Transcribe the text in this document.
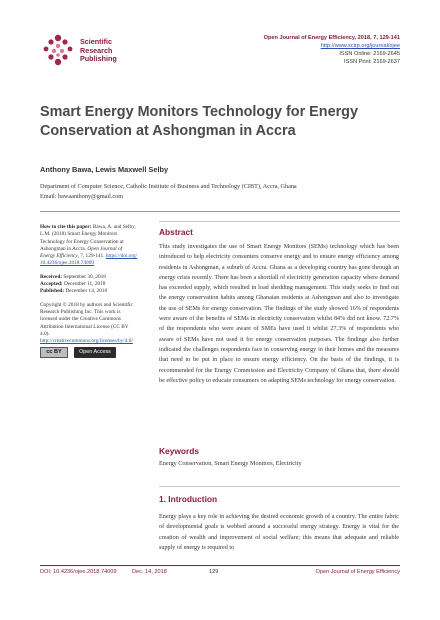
Scientific
Research
Publishing
Open Journal of Energy Efficiency, 2018, 7, 129-141
http://www.scirp.org/journal/ojee
ISSN Online: 2169-2645
ISSN Print: 2169-2637
Smart Energy Monitors Technology for Energy Conservation at Ashongman in Accra
Anthony Bawa, Lewis Maxwell Selby
Department of Computer Science, Catholic Institute of Business and Technology (CIBT), Accra, Ghana
Email: bawaanthony@gmail.com

How to cite this paper: Bawa, A. and Selby, L.M. (2018) Smart Energy Monitors Technology for Energy Conservation at Ashongman in Accra. Open Journal of Energy Efficiency, 7, 129-141. https://doi.org/10.4236/ojee.2018.74009

Received: September 30, 2018
Accepted: December 11, 2018
Published: December 14, 2018

Copyright © 2018 by authors and Scientific Research Publishing Inc. This work is licensed under the Creative Commons Attribution International License (CC BY 4.0).
http://creativecommons.org/licenses/by/4.0/

cc BY	Open Access
Abstract

This study investigates the use of Smart Energy Monitors (SEMs) technology which has been introduced to help electricity consumers conserve energy and to ensure energy efficiency among residents in Ashongman, a suburb of Accra. Ghana as a developing country has gone through an energy crisis recently. There has been a shortfall of electricity generation capacity where demand has exceeded supply, which resulted in load shedding management. This study seeks to find out the energy conservation habits among Ghanaian residents at Ashongman and also to investigate the use of SEMs for energy conservation. The findings of the study showed 16% of respondents were aware of the benefits of SEMs in electricity conservation whilst 84% did not know. 72.7% of the respondents who were aware of SMEs have used it whilst 27.3% of respondents who aware of SEMs have not used it for energy conservation purposes. The findings also further indicated the challenges respondents face in conserving energy in their homes and the measures that need to be put in place to ensure energy efficiency. On the basis of the findings, it is recommended for the Energy Commission and Electricity Company of Ghana that, there should be effective policy to educate consumers on adapting SEMs technology for energy conservation.

Keywords

Energy Conservation, Smart Energy Monitors, Electricity

1. Introduction

Energy plays a key role in achieving the desired economic growth of a country. The entire fabric of developmental goals is webbed around a successful energy strategy. Energy is vital for the creation of wealth and improvement of social welfare; this means that adequate and reliable supply of energy is required to

DOI: 10.4236/ojee.2018.74009	Dec. 14, 2018	129	Open Journal of Energy Efficiency
